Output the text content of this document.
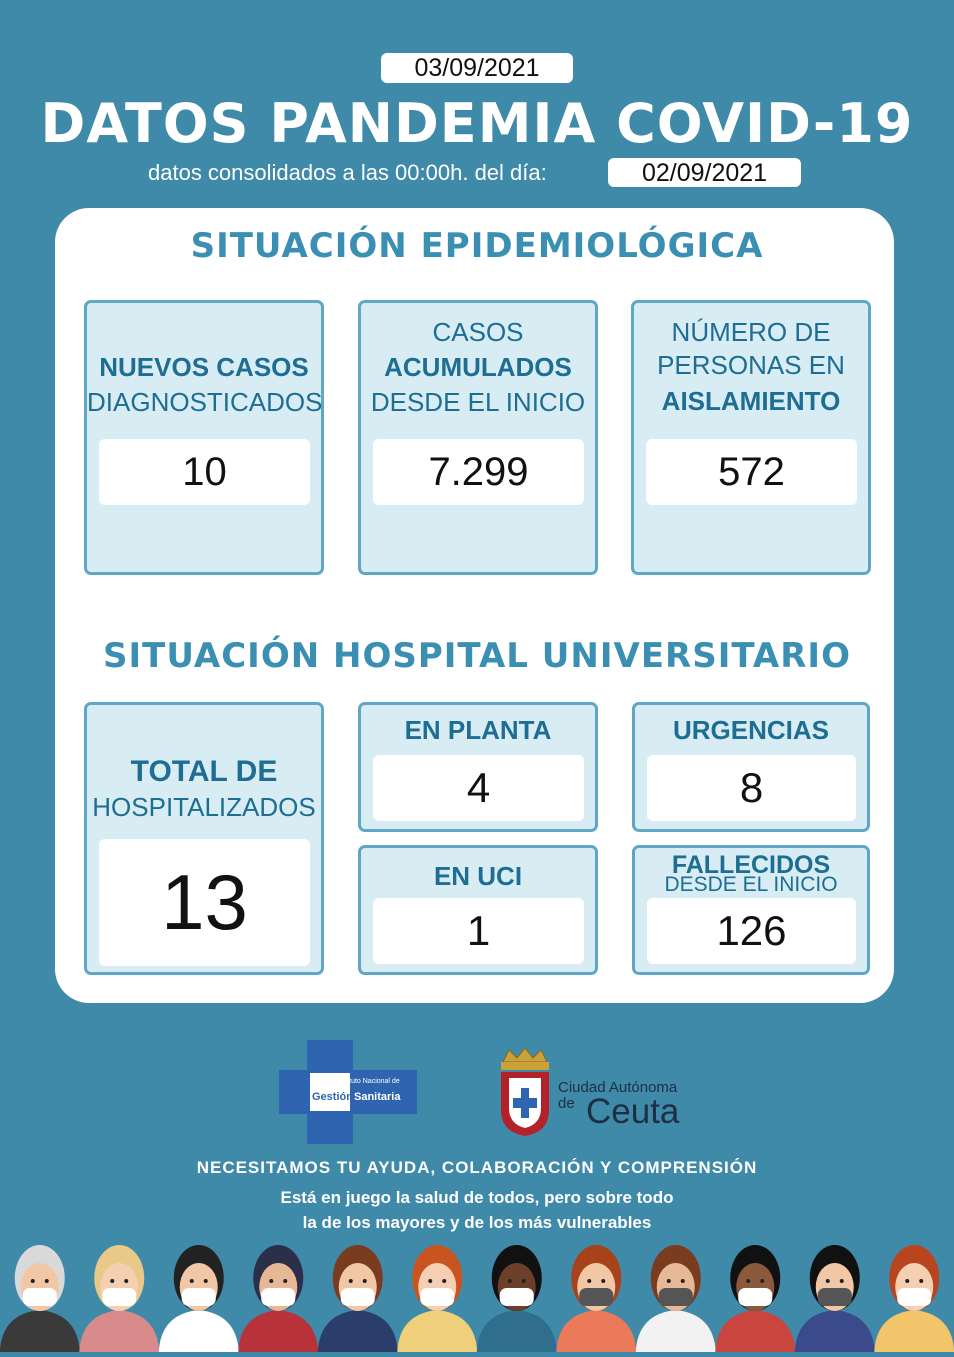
03/09/2021
DATOS PANDEMIA COVID-19
datos consolidados a las 00:00h. del día:	02/09/2021
SITUACIÓN EPIDEMIOLÓGICA
NUEVOS CASOS
DIAGNOSTICADOS
10
CASOS
ACUMULADOS
DESDE EL INICIO
7.299
NÚMERO DE
PERSONAS EN
AISLAMIENTO
572
SITUACIÓN HOSPITAL UNIVERSITARIO
TOTAL DE
HOSPITALIZADOS
13
EN PLANTA
4
URGENCIAS
8
EN UCI
1
FALLECIDOS
DESDE EL INICIO
126
Instituto Nacional de
Gestión Sanitaria
Ciudad Autónoma
de Ceuta
NECESITAMOS TU AYUDA, COLABORACIÓN Y COMPRENSIÓN
Está en juego la salud de todos, pero sobre todo
la de los mayores y de los más vulnerables
